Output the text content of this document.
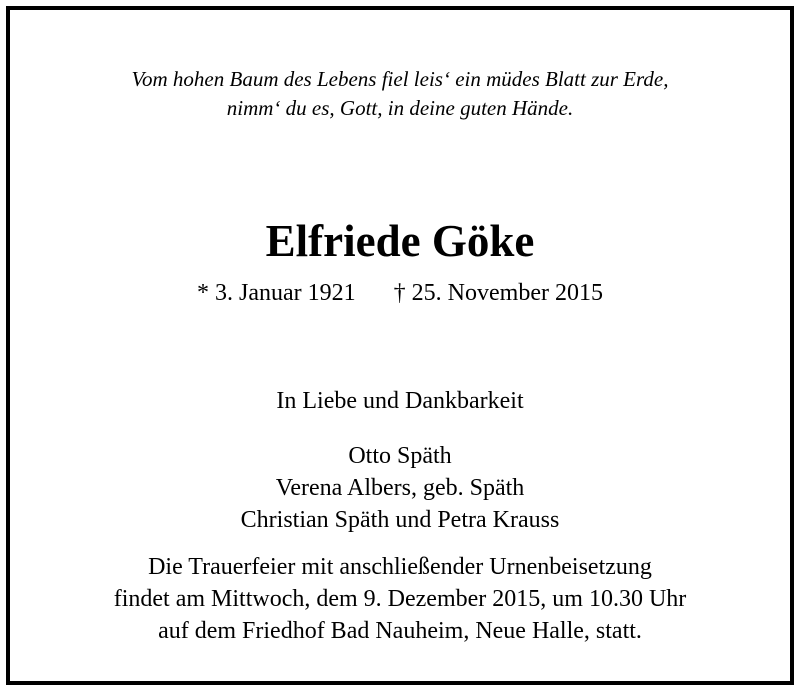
Vom hohen Baum des Lebens fiel leis‘ ein müdes Blatt zur Erde,
nimm‘ du es, Gott, in deine guten Hände.
Elfriede Göke
* 3. Januar 1921 † 25. November 2015
In Liebe und Dankbarkeit
Otto Späth
Verena Albers, geb. Späth
Christian Späth und Petra Krauss
Die Trauerfeier mit anschließender Urnenbeisetzung
findet am Mittwoch, dem 9. Dezember 2015, um 10.30 Uhr
auf dem Friedhof Bad Nauheim, Neue Halle, statt.
